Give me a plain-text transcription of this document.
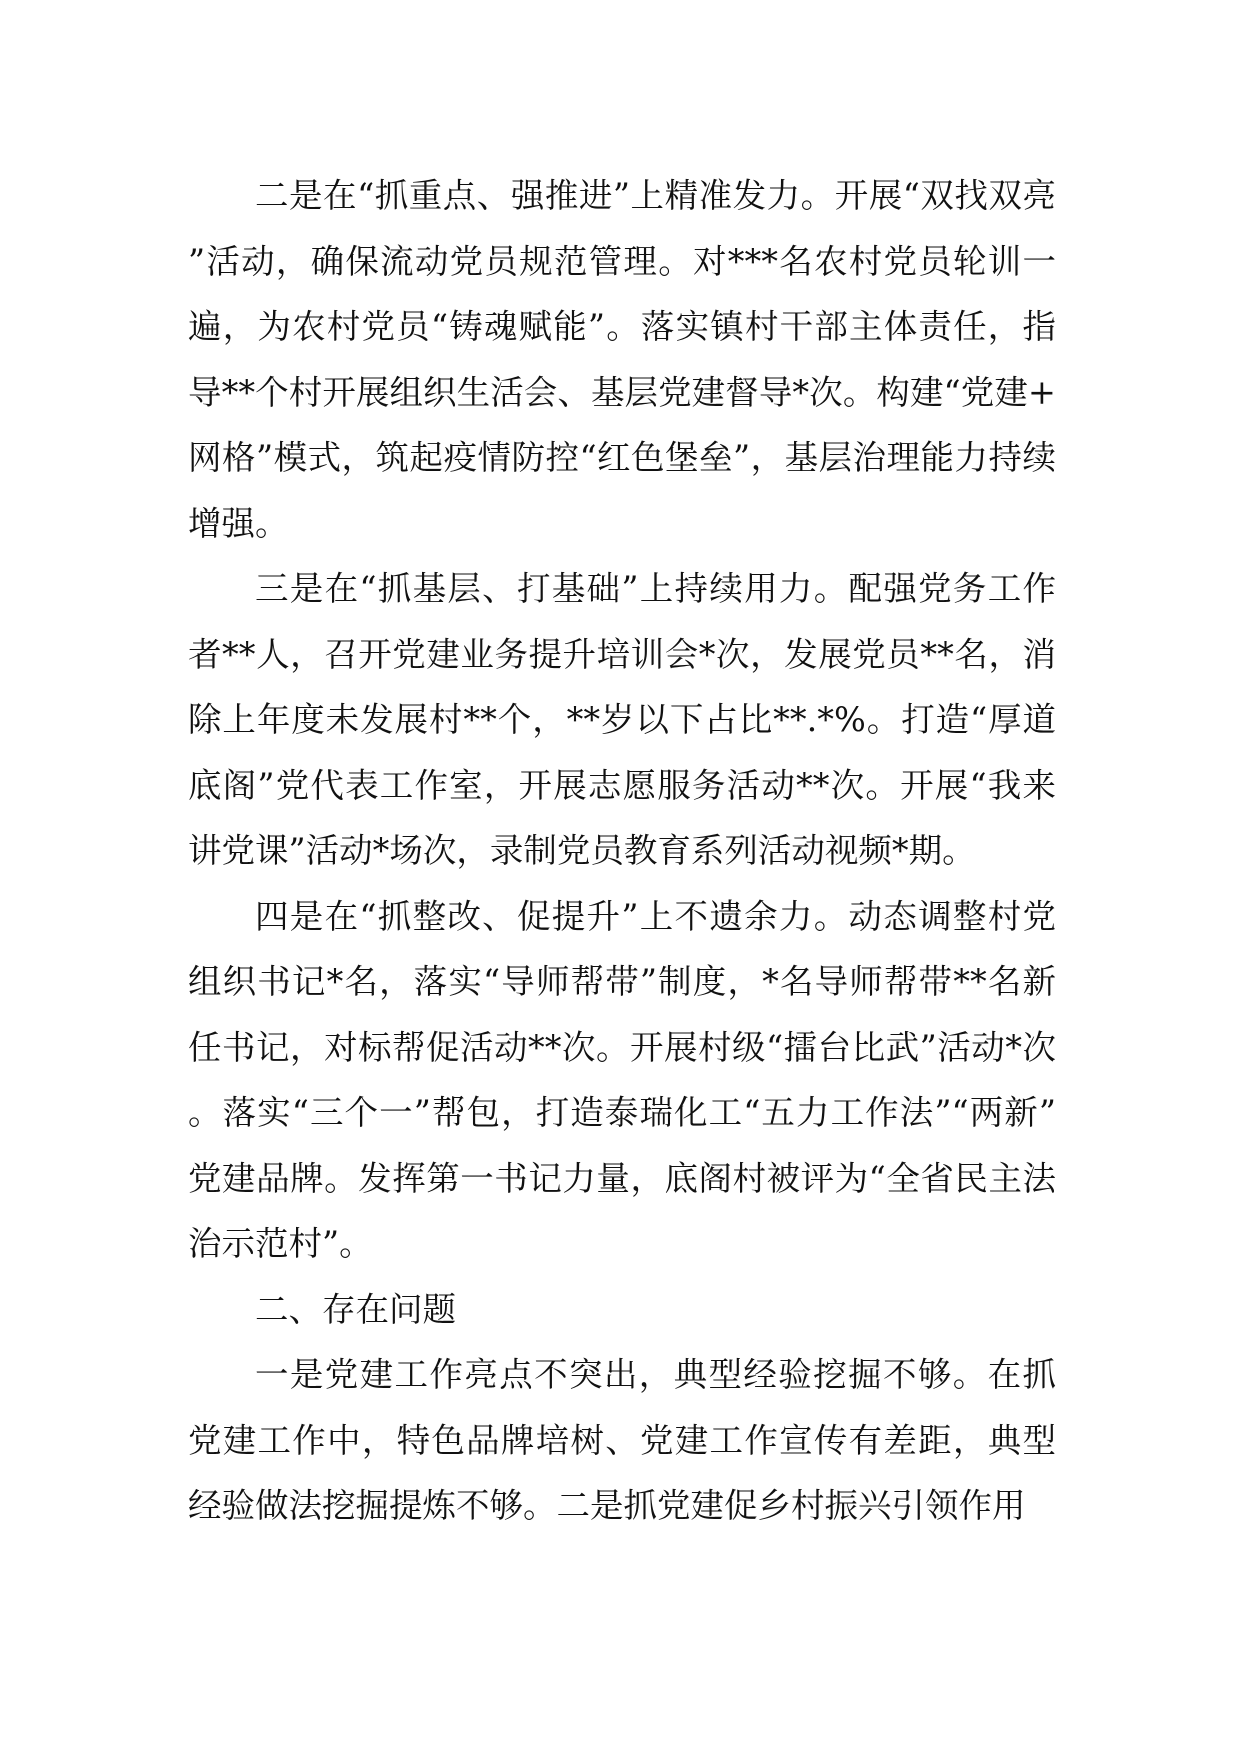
二是在“抓重点、强推进”上精准发力。开展“双找双亮”活动，确保流动党员规范管理。对***名农村党员轮训一遍，为农村党员“铸魂赋能”。落实镇村干部主体责任，指导**个村开展组织生活会、基层党建督导*次。构建“党建+网格”模式，筑起疫情防控“红色堡垒”，基层治理能力持续增强。

三是在“抓基层、打基础”上持续用力。配强党务工作者**人，召开党建业务提升培训会*次，发展党员**名，消除上年度未发展村**个，**岁以下占比**.*%。打造“厚道底阁”党代表工作室，开展志愿服务活动**次。开展“我来讲党课”活动*场次，录制党员教育系列活动视频*期。

四是在“抓整改、促提升”上不遗余力。动态调整村党组织书记*名，落实“导师帮带”制度，*名导师帮带**名新任书记，对标帮促活动**次。开展村级“擂台比武”活动*次。落实“三个一”帮包，打造泰瑞化工“五力工作法”“两新”党建品牌。发挥第一书记力量，底阁村被评为“全省民主法治示范村”。

二、存在问题

一是党建工作亮点不突出，典型经验挖掘不够。在抓党建工作中，特色品牌培树、党建工作宣传有差距，典型经验做法挖掘提炼不够。二是抓党建促乡村振兴引领作用
